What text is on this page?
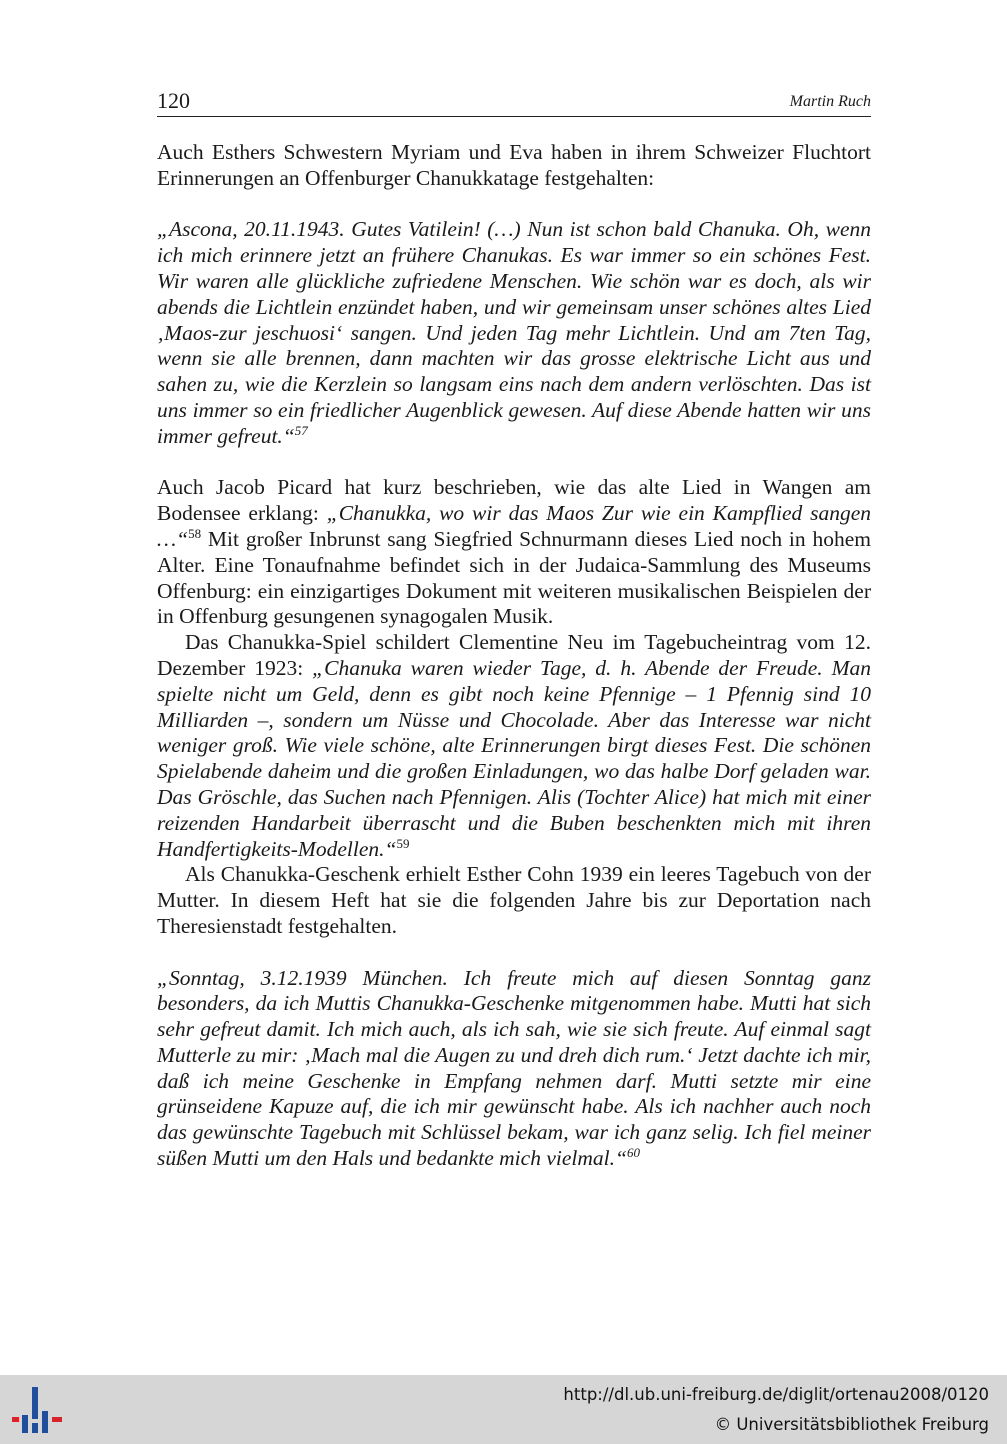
120	Martin Ruch

Auch Esthers Schwestern Myriam und Eva haben in ihrem Schweizer Fluchtort Erinnerungen an Offenburger Chanukkatage festgehalten:

„Ascona, 20.11.1943. Gutes Vatilein! (…) Nun ist schon bald Chanuka. Oh, wenn ich mich erinnere jetzt an frühere Chanukas. Es war immer so ein schönes Fest. Wir waren alle glückliche zufriedene Menschen. Wie schön war es doch, als wir abends die Lichtlein enzündet haben, und wir gemeinsam unser schönes altes Lied ‚Maos-zur jeschuosi‘ sangen. Und jeden Tag mehr Lichtlein. Und am 7ten Tag, wenn sie alle brennen, dann machten wir das grosse elektrische Licht aus und sahen zu, wie die Kerzlein so langsam eins nach dem andern verlöschten. Das ist uns immer so ein friedlicher Augenblick gewesen. Auf diese Abende hatten wir uns immer gefreut.“$^{57}$

Auch Jacob Picard hat kurz beschrieben, wie das alte Lied in Wangen am Bodensee erklang: „Chanukka, wo wir das Maos Zur wie ein Kampflied sangen …“$^{58}$ Mit großer Inbrunst sang Siegfried Schnurmann dieses Lied noch in hohem Alter. Eine Tonaufnahme befindet sich in der Judaica-Sammlung des Museums Offenburg: ein einzigartiges Dokument mit weiteren musikalischen Beispielen der in Offenburg gesungenen synagogalen Musik.

Das Chanukka-Spiel schildert Clementine Neu im Tagebucheintrag vom 12. Dezember 1923: „Chanuka waren wieder Tage, d. h. Abende der Freude. Man spielte nicht um Geld, denn es gibt noch keine Pfennige – 1 Pfennig sind 10 Milliarden –, sondern um Nüsse und Chocolade. Aber das Interesse war nicht weniger groß. Wie viele schöne, alte Erinnerungen birgt dieses Fest. Die schönen Spielabende daheim und die großen Einladungen, wo das halbe Dorf geladen war. Das Gröschle, das Suchen nach Pfennigen. Alis (Tochter Alice) hat mich mit einer reizenden Handarbeit überrascht und die Buben beschenkten mich mit ihren Handfertigkeits-Modellen.“$^{59}$

Als Chanukka-Geschenk erhielt Esther Cohn 1939 ein leeres Tagebuch von der Mutter. In diesem Heft hat sie die folgenden Jahre bis zur Deportation nach Theresienstadt festgehalten.

„Sonntag, 3.12.1939 München. Ich freute mich auf diesen Sonntag ganz besonders, da ich Muttis Chanukka-Geschenke mitgenommen habe. Mutti hat sich sehr gefreut damit. Ich mich auch, als ich sah, wie sie sich freute. Auf einmal sagt Mutterle zu mir: ‚Mach mal die Augen zu und dreh dich rum.‘ Jetzt dachte ich mir, daß ich meine Geschenke in Empfang nehmen darf. Mutti setzte mir eine grünseidene Kapuze auf, die ich mir gewünscht habe. Als ich nachher auch noch das gewünschte Tagebuch mit Schlüssel bekam, war ich ganz selig. Ich fiel meiner süßen Mutti um den Hals und bedankte mich vielmal.“$^{60}$

http://dl.ub.uni-freiburg.de/diglit/ortenau2008/0120
© Universitätsbibliothek Freiburg
